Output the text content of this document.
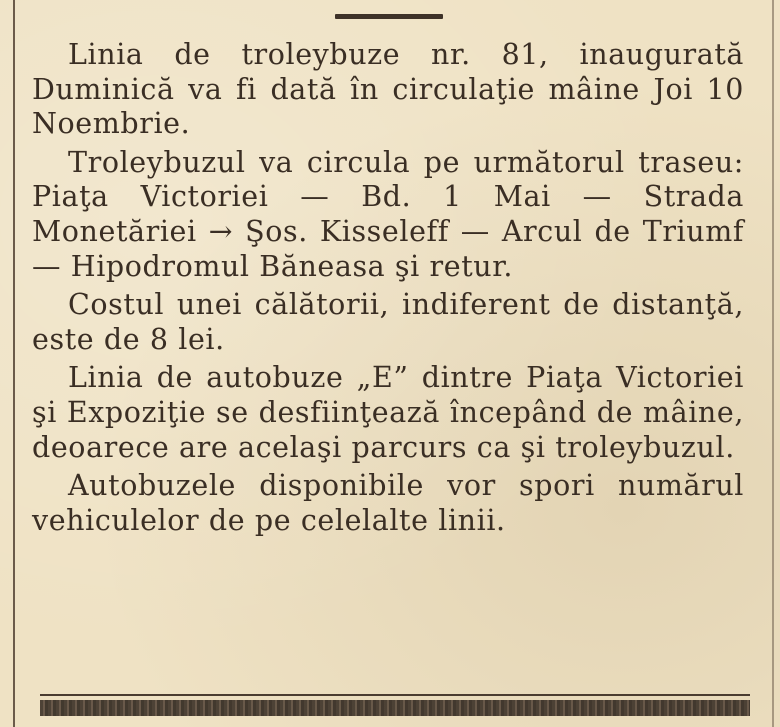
Linia de troleybuze nr. 81, inaugurată Duminică va fi dată în circulaţie mâine Joi 10 Noembrie.

Troleybuzul va circula pe următorul traseu: Piaţa Victoriei — Bd. 1 Mai — Strada Monetăriei → Şos. Kisseleff — Arcul de Triumf — Hipodromul Băneasa şi retur.

Costul unei călătorii, indiferent de distanţă, este de 8 lei.

Linia de autobuze „E” dintre Piaţa Victoriei şi Expoziţie se desfiinţează începând de mâine, deoarece are acelaşi parcurs ca şi troleybuzul.

Autobuzele disponibile vor spori numărul vehiculelor de pe celelalte linii.
